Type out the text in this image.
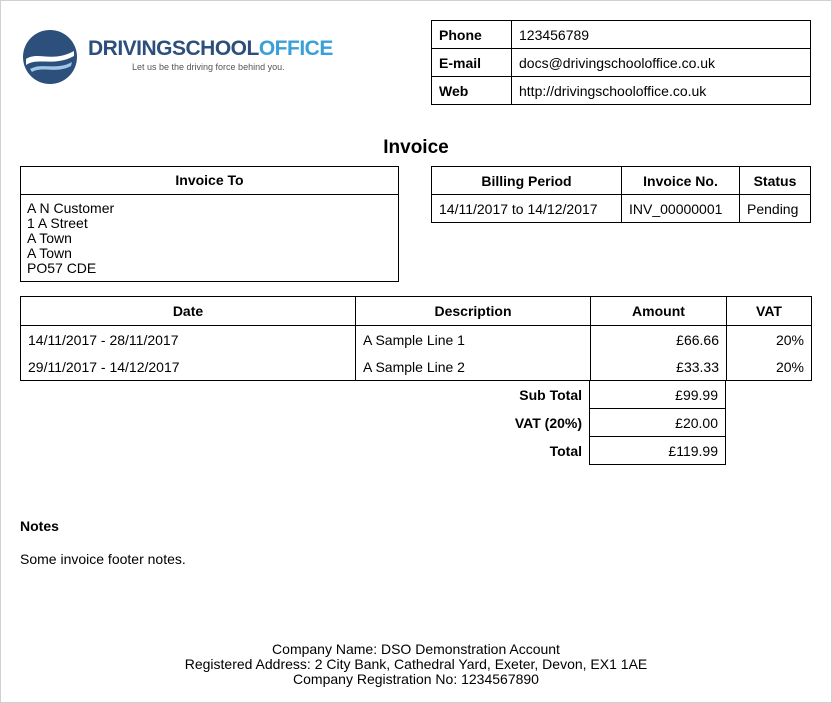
DRIVINGSCHOOLOFFICE
Let us be the driving force behind you.
Phone	123456789
E-mail	docs@drivingschooloffice.co.uk
Web	http://drivingschooloffice.co.uk
Invoice
Invoice To
A N Customer
1 A Street
A Town
A Town
PO57 CDE
Billing Period	Invoice No.	Status
14/11/2017 to 14/12/2017	INV_00000001	Pending
Date	Description	Amount	VAT
14/11/2017 - 28/11/2017	A Sample Line 1	£66.66	20%
29/11/2017 - 14/12/2017	A Sample Line 2	£33.33	20%
Sub Total	£99.99	
VAT (20%)	£20.00	
Total	£119.99	
Notes
Some invoice footer notes.
Company Name: DSO Demonstration Account
Registered Address: 2 City Bank, Cathedral Yard, Exeter, Devon, EX1 1AE
Company Registration No: 1234567890
